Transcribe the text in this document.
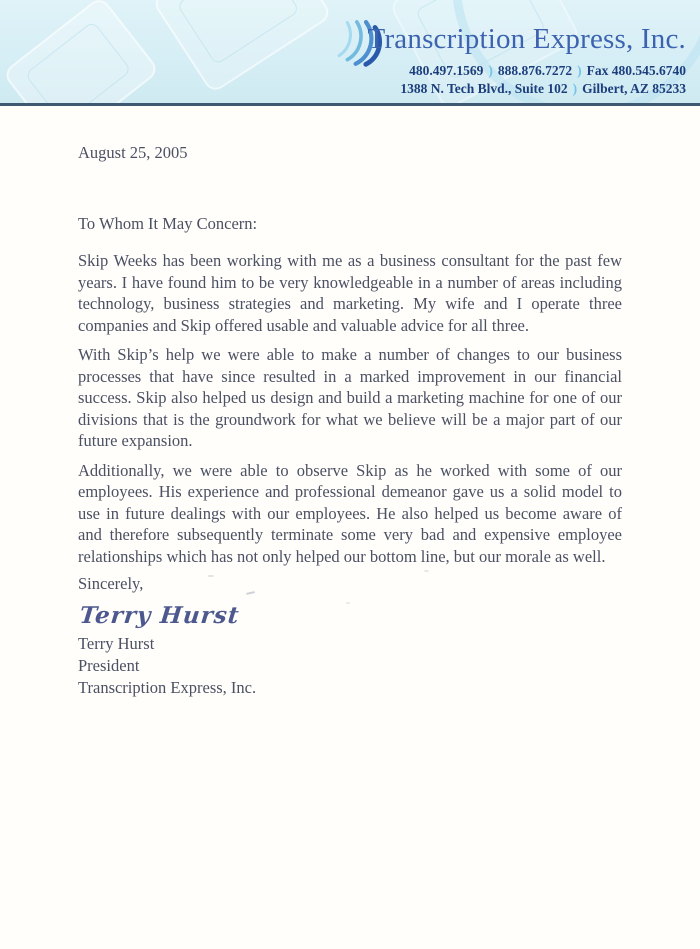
Transcription Express, Inc.
480.497.1569 ) 888.876.7272 ) Fax 480.545.6740
1388 N. Tech Blvd., Suite 102 ) Gilbert, AZ 85233
August 25, 2005
To Whom It May Concern:

Skip Weeks has been working with me as a business consultant for the past few years. I have found him to be very knowledgeable in a number of areas including technology, business strategies and marketing. My wife and I operate three companies and Skip offered usable and valuable advice for all three.

With Skip’s help we were able to make a number of changes to our business processes that have since resulted in a marked improvement in our financial success. Skip also helped us design and build a marketing machine for one of our divisions that is the groundwork for what we believe will be a major part of our future expansion.

Additionally, we were able to observe Skip as he worked with some of our employees. His experience and professional demeanor gave us a solid model to use in future dealings with our employees. He also helped us become aware of and therefore subsequently terminate some very bad and expensive employee relationships which has not only helped our bottom line, but our morale as well.

Sincerely,
Terry Hurst
Terry Hurst
President
Transcription Express, Inc.
